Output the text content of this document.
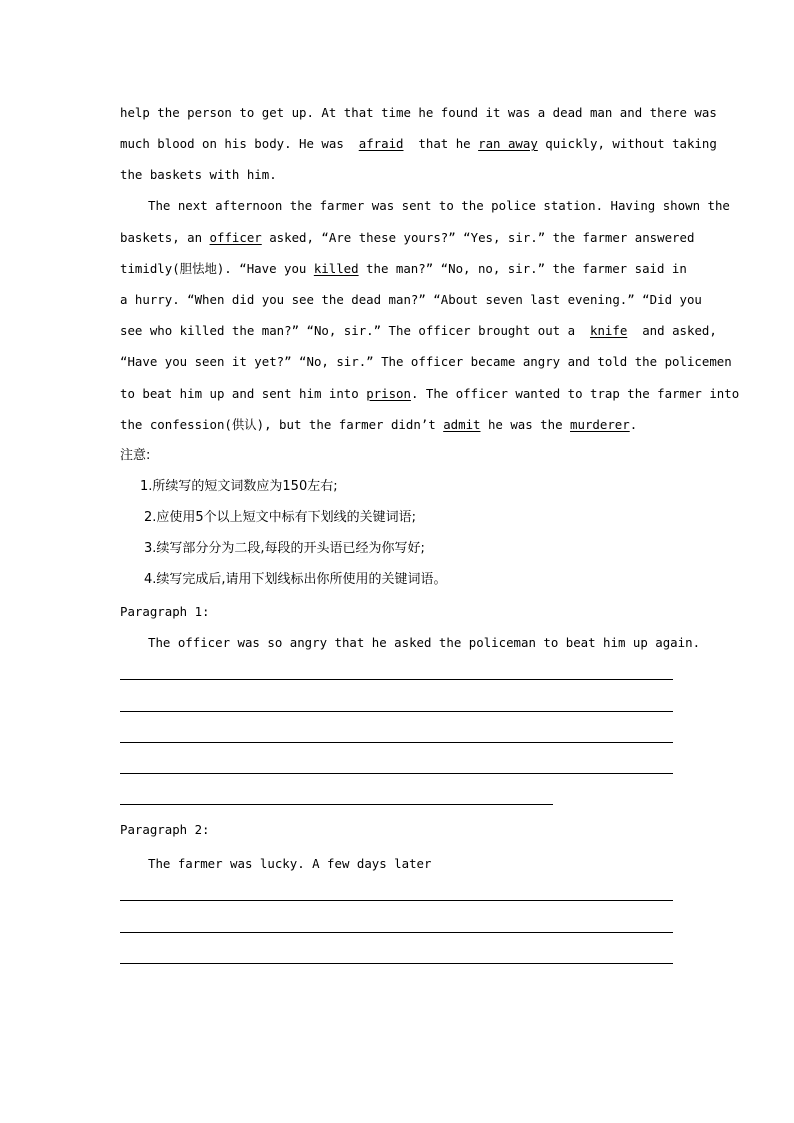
help the person to get up. At that time he found it was a dead man and there was
much blood on his body. He was  afraid  that he ran away quickly, without taking
the baskets with him.
The next afternoon the farmer was sent to the police station. Having shown the
baskets, an officer asked, “Are these yours?” “Yes, sir.” the farmer answered
timidly(胆怯地). “Have you killed the man?” “No, no, sir.” the farmer said in
a hurry. “When did you see the dead man?” “About seven last evening.” “Did you
see who killed the man?” “No, sir.” The officer brought out a  knife  and asked,
“Have you seen it yet?” “No, sir.” The officer became angry and told the policemen
to beat him up and sent him into prison. The officer wanted to trap the farmer into
the confession(供认), but the farmer didn’t admit he was the murderer.
注意:
1.所续写的短文词数应为150左右;
2.应使用5个以上短文中标有下划线的关键词语;
3.续写部分分为二段,每段的开头语已经为你写好;
4.续写完成后,请用下划线标出你所使用的关键词语。
Paragraph 1:
The officer was so angry that he asked the policeman to beat him up again.
Paragraph 2:
The farmer was lucky. A few days later
